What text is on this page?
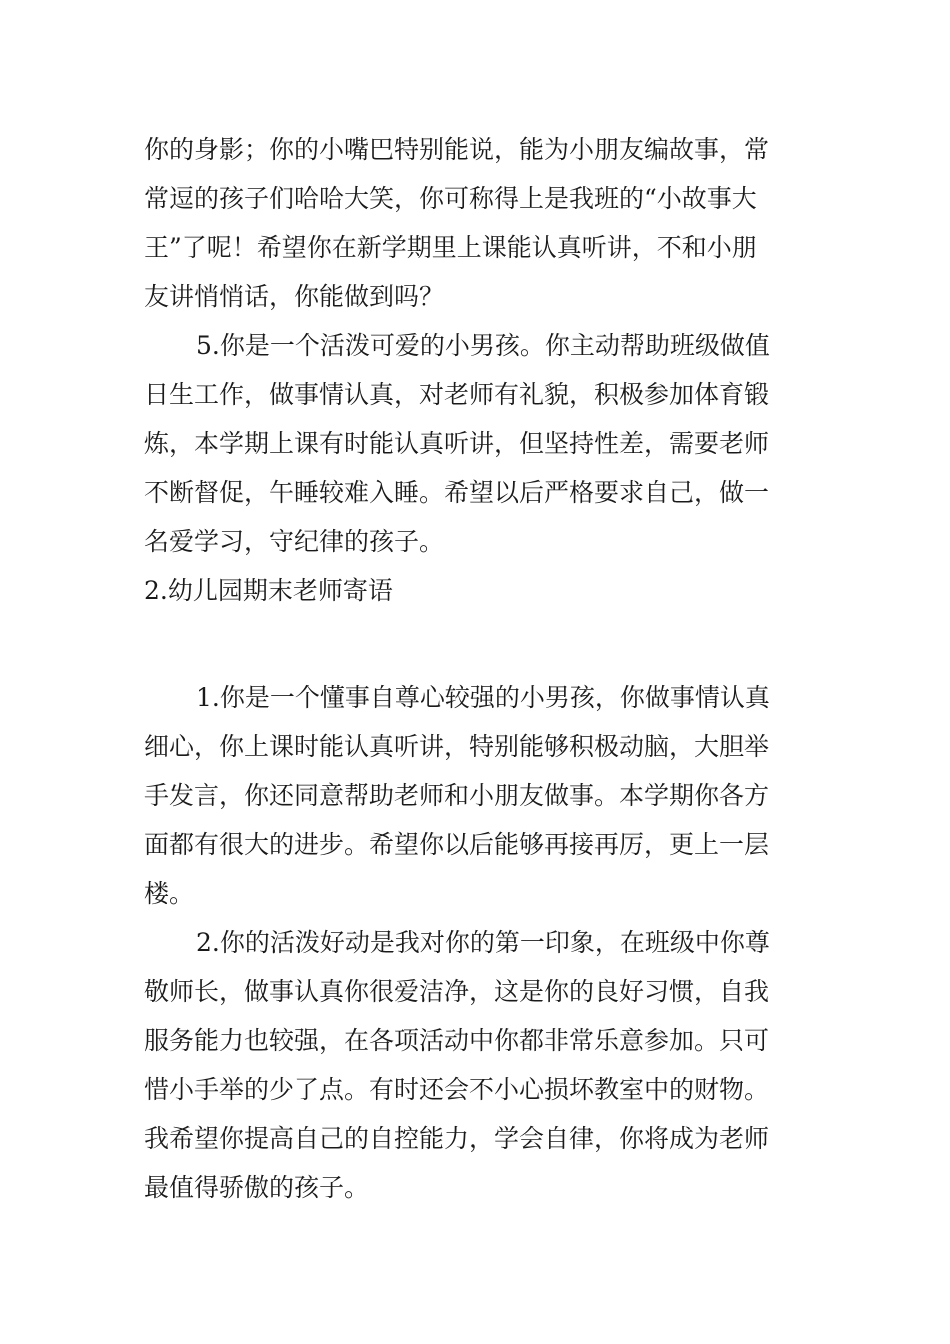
你的身影；你的小嘴巴特别能说，能为小朋友编故事，常
常逗的孩子们哈哈大笑，你可称得上是我班的“小故事大
王”了呢！希望你在新学期里上课能认真听讲，不和小朋
友讲悄悄话，你能做到吗？
5.你是一个活泼可爱的小男孩。你主动帮助班级做值
日生工作，做事情认真，对老师有礼貌，积极参加体育锻
炼，本学期上课有时能认真听讲，但坚持性差，需要老师
不断督促，午睡较难入睡。希望以后严格要求自己，做一
名爱学习，守纪律的孩子。
2.幼儿园期末老师寄语
1.你是一个懂事自尊心较强的小男孩，你做事情认真
细心，你上课时能认真听讲，特别能够积极动脑，大胆举
手发言，你还同意帮助老师和小朋友做事。本学期你各方
面都有很大的进步。希望你以后能够再接再厉，更上一层
楼。
2.你的活泼好动是我对你的第一印象，在班级中你尊
敬师长，做事认真你很爱洁净，这是你的良好习惯，自我
服务能力也较强，在各项活动中你都非常乐意参加。只可
惜小手举的少了点。有时还会不小心损坏教室中的财物。
我希望你提高自己的自控能力，学会自律，你将成为老师
最值得骄傲的孩子。
